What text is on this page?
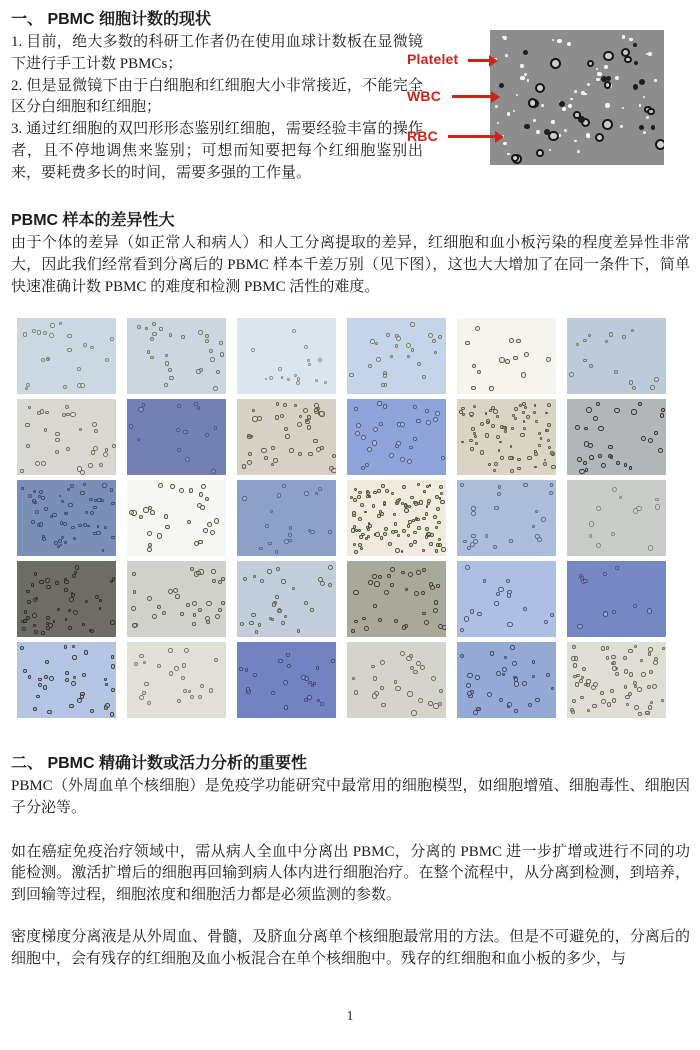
一、 PBMC 细胞计数的现状

1. 目前，绝大多数的科研工作者仍在使用血球计数板在显微镜下进行手工计数 PBMCs；

2. 但是显微镜下由于白细胞和红细胞大小非常接近，不能完全区分白细胞和红细胞；

3. 通过红细胞的双凹形形态鉴别红细胞，需要经验丰富的操作者，且不停地调焦来鉴别；可想而知要把每个红细胞鉴别出来，要耗费多长的时间，需要多强的工作量。

Platelet
WBC
RBC
PBMC 样本的差异性大

由于个体的差异（如正常人和病人）和人工分离提取的差异，红细胞和血小板污染的程度差异性非常大，因此我们经常看到分离后的 PBMC 样本千差万别（见下图），这也大大增加了在同一条件下，简单快速准确计数 PBMC 的难度和检测 PBMC 活性的难度。

二、 PBMC 精确计数或活力分析的重要性

PBMC（外周血单个核细胞）是免疫学功能研究中最常用的细胞模型，如细胞增殖、细胞毒性、细胞因子分泌等。

如在癌症免疫治疗领域中，需从病人全血中分离出 PBMC，分离的 PBMC 进一步扩增或进行不同的功能检测。激活扩增后的细胞再回输到病人体内进行细胞治疗。在整个流程中，从分离到检测，到培养，到回输等过程，细胞浓度和细胞活力都是必须监测的参数。

密度梯度分离液是从外周血、骨髓，及脐血分离单个核细胞最常用的方法。但是不可避免的，分离后的细胞中，会有残存的红细胞及血小板混合在单个核细胞中。残存的红细胞和血小板的多少，与

1
